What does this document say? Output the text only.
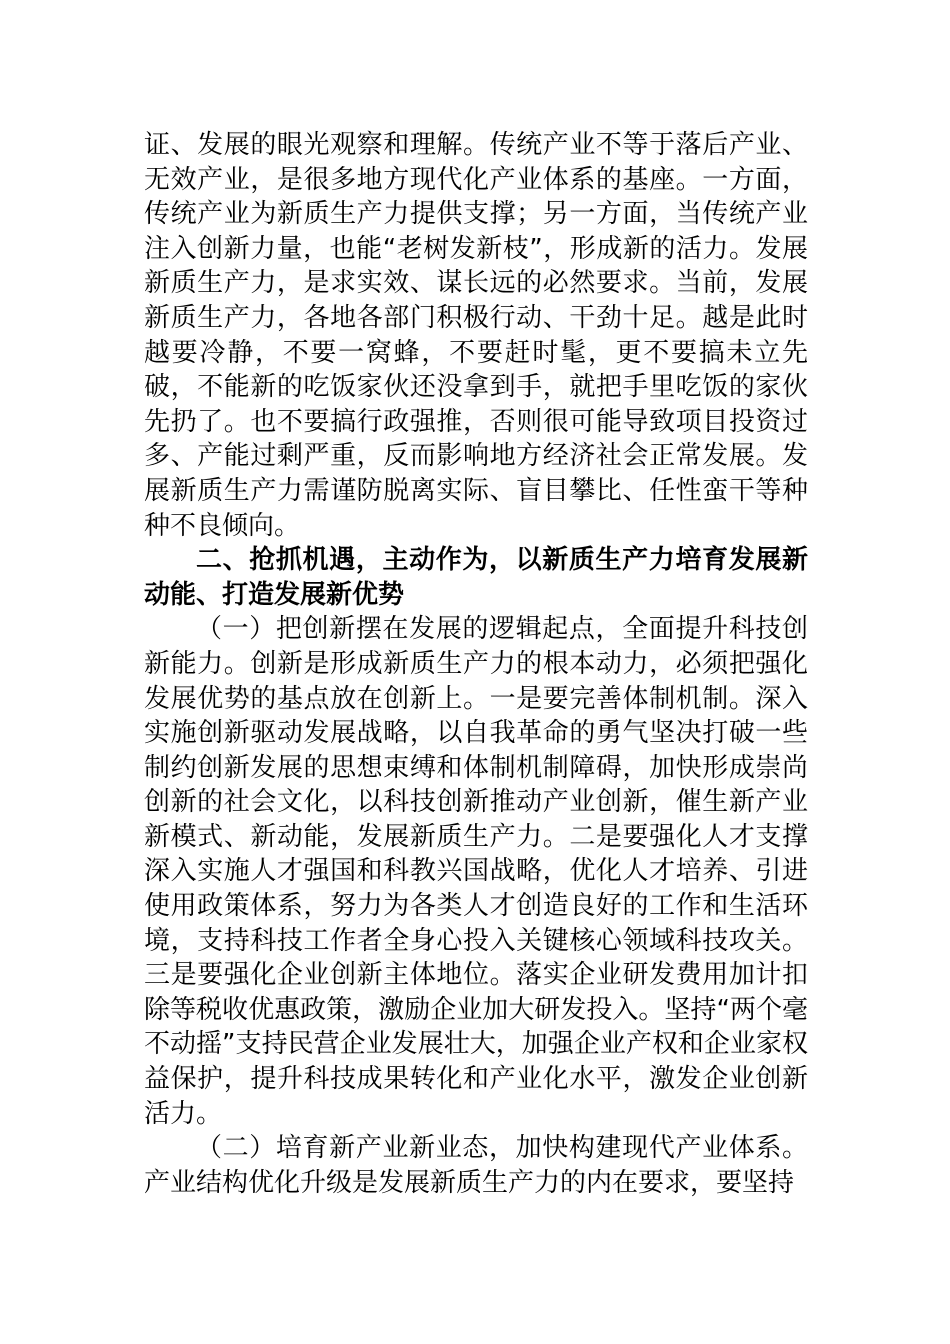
证、发展的眼光观察和理解。传统产业不等于落后产业、无效产业，是很多地方现代化产业体系的基座。一方面，传统产业为新质生产力提供支撑；另一方面，当传统产业注入创新力量，也能“老树发新枝”，形成新的活力。发展新质生产力，是求实效、谋长远的必然要求。当前，发展新质生产力，各地各部门积极行动、干劲十足。越是此时越要冷静，不要一窝蜂，不要赶时髦，更不要搞未立先破，不能新的吃饭家伙还没拿到手，就把手里吃饭的家伙先扔了。也不要搞行政强推，否则很可能导致项目投资过多、产能过剩严重，反而影响地方经济社会正常发展。发展新质生产力需谨防脱离实际、盲目攀比、任性蛮干等种种不良倾向。

二、抢抓机遇，主动作为，以新质生产力培育发展新动能、打造发展新优势

（一）把创新摆在发展的逻辑起点，全面提升科技创新能力。创新是形成新质生产力的根本动力，必须把强化发展优势的基点放在创新上。一是要完善体制机制。深入实施创新驱动发展战略，以自我革命的勇气坚决打破一些制约创新发展的思想束缚和体制机制障碍，加快形成崇尚创新的社会文化，以科技创新推动产业创新，催生新产业新模式、新动能，发展新质生产力。二是要强化人才支撑深入实施人才强国和科教兴国战略，优化人才培养、引进使用政策体系，努力为各类人才创造良好的工作和生活环境，支持科技工作者全身心投入关键核心领域科技攻关。三是要强化企业创新主体地位。落实企业研发费用加计扣除等税收优惠政策，激励企业加大研发投入。坚持“两个毫不动摇”支持民营企业发展壮大，加强企业产权和企业家权益保护，提升科技成果转化和产业化水平，激发企业创新活力。

（二）培育新产业新业态，加快构建现代产业体系。产业结构优化升级是发展新质生产力的内在要求，要坚持
